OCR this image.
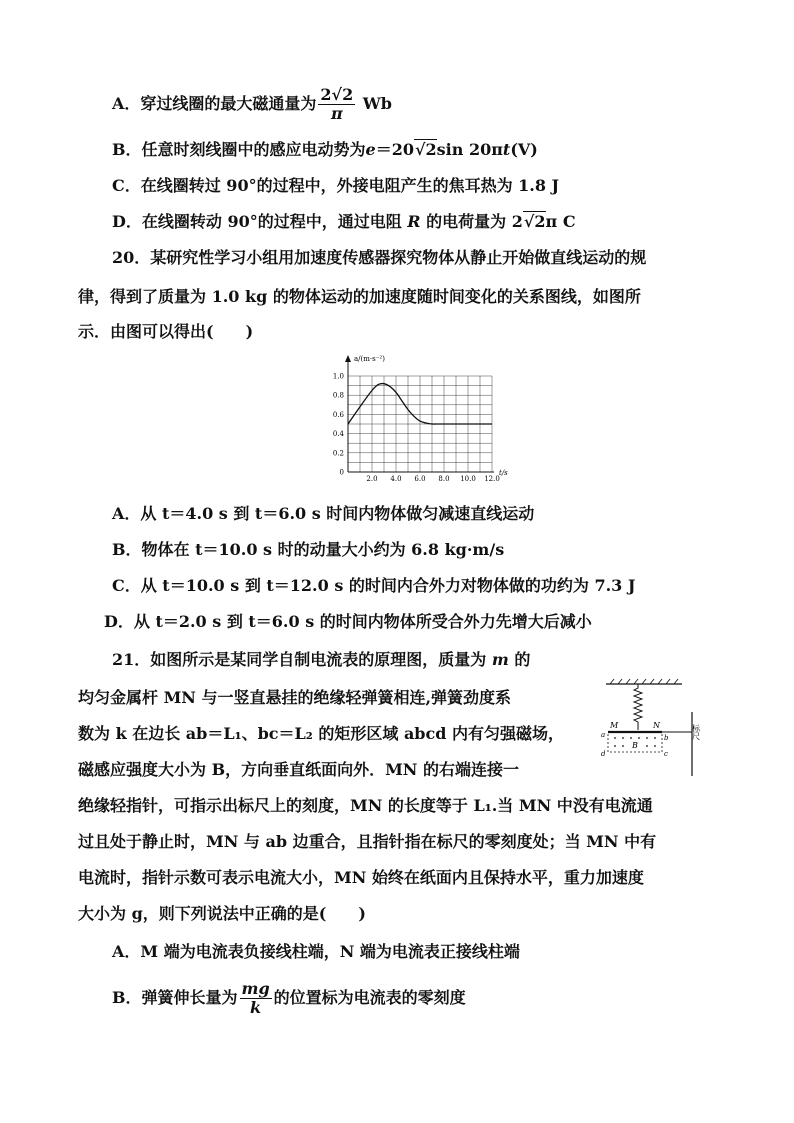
A．穿过线圈的最大磁通量为 $\frac{2√2}{\pi}$ Wb
B．任意时刻线圈中的感应电动势为e＝20√2sin 20πt(V)
C．在线圈转过 90°的过程中，外接电阻产生的焦耳热为 1.8 J
D．在线圈转动 90°的过程中，通过电阻 R 的电荷量为 2√2π C
20．某研究性学习小组用加速度传感器探究物体从静止开始做直线运动的规
律，得到了质量为 1.0 kg 的物体运动的加速度随时间变化的关系图线，如图所
示．由图可以得出(　　)
a/(m·s⁻²)
t/s
2.0 4.0 6.0 8.0 10.0 12.0
1.0
0.8
0.6
0.4
0.2
0
A．从 t＝4.0 s 到 t＝6.0 s 时间内物体做匀减速直线运动
B．物体在 t＝10.0 s 时的动量大小约为 6.8 kg·m/s
C．从 t＝10.0 s 到 t＝12.0 s 的时间内合外力对物体做的功约为 7.3 J
D．从 t＝2.0 s 到 t＝6.0 s 的时间内物体所受合外力先增大后减小
21．如图所示是某同学自制电流表的原理图，质量为 m 的
均匀金属杆 MN 与一竖直悬挂的绝缘轻弹簧相连,弹簧劲度系
数为 k 在边长 ab＝L₁、bc＝L₂ 的矩形区域 abcd 内有匀强磁场，
磁感应强度大小为 B，方向垂直纸面向外．MN 的右端连接一
绝缘轻指针，可指示出标尺上的刻度，MN 的长度等于 L₁.当 MN 中没有电流通
过且处于静止时，MN 与 ab 边重合，且指针指在标尺的零刻度处；当 MN 中有
电流时，指针示数可表示电流大小，MN 始终在纸面内且保持水平，重力加速度
大小为 g，则下列说法中正确的是(　　)
M	N
a	b
c
d
B
标尺
A．M 端为电流表负接线柱端，N 端为电流表正接线柱端
B．弹簧伸长量为 $\frac{mg}{k}$ 的位置标为电流表的零刻度
